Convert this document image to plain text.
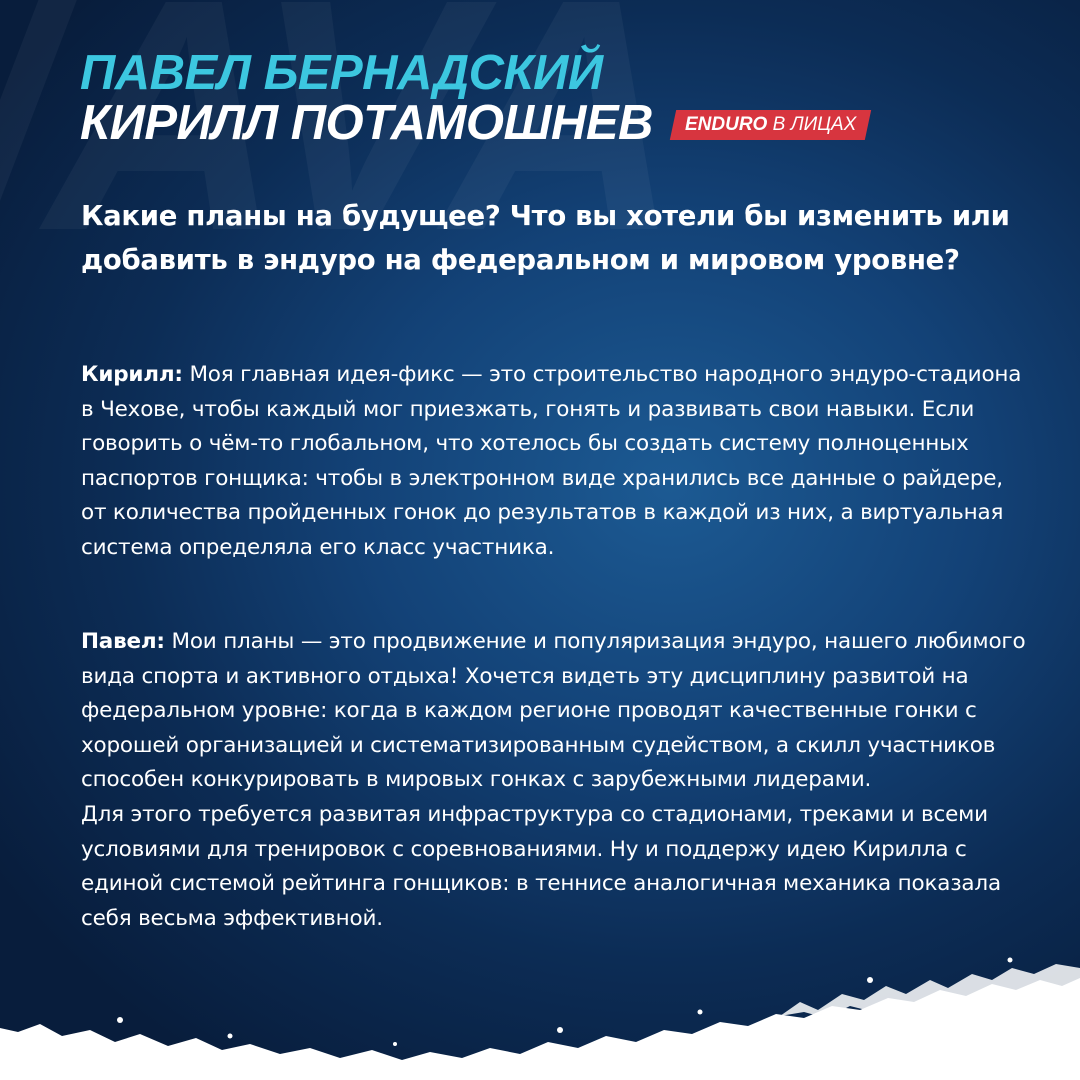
ПАВЕЛ БЕРНАДСКИЙ
КИРИЛЛ ПОТАМОШНЕВ	ENDURO В ЛИЦАХ
Какие планы на будущее? Что вы хотели бы изменить или добавить в эндуро на федеральном и мировом уровне?
Кирилл: Моя главная идея-фикс — это строительство народного эндуро-стадиона в Чехове, чтобы каждый мог приезжать, гонять и развивать свои навыки. Если говорить о чём-то глобальном, что хотелось бы создать систему полноценных паспортов гонщика: чтобы в электронном виде хранились все данные о райдере, от количества пройденных гонок до результатов в каждой из них, а виртуальная система определяла его класс участника.
Павел: Мои планы — это продвижение и популяризация эндуро, нашего любимого вида спорта и активного отдыха! Хочется видеть эту дисциплину развитой на федеральном уровне: когда в каждом регионе проводят качественные гонки с хорошей организацией и систематизированным судейством, а скилл участников способен конкурировать в мировых гонках с зарубежными лидерами.
Для этого требуется развитая инфраструктура со стадионами, треками и всеми условиями для тренировок с соревнованиями. Ну и поддержу идею Кирилла с единой системой рейтинга гонщиков: в теннисе аналогичная механика показала себя весьма эффективной.
